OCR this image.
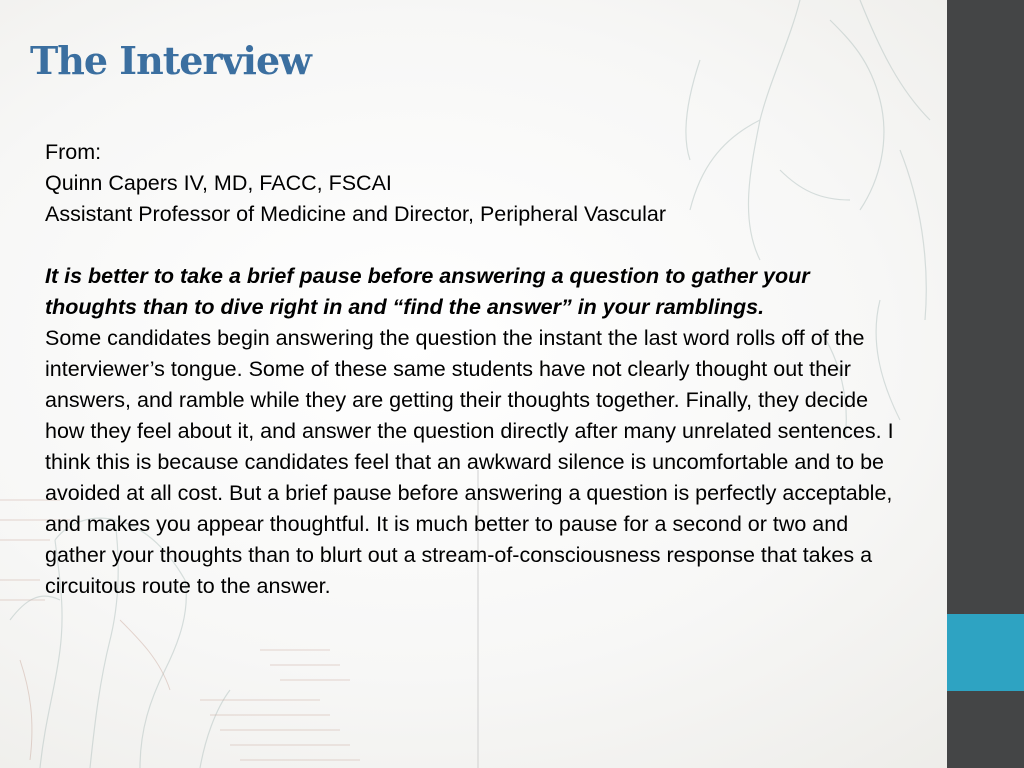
The Interview

From:

Quinn Capers IV, MD, FACC, FSCAI

Assistant Professor of Medicine and Director, Peripheral Vascular

It is better to take a brief pause before answering a question to gather your thoughts than to dive right in and “find the answer” in your ramblings.

Some candidates begin answering the question the instant the last word rolls off of the interviewer’s tongue. Some of these same students have not clearly thought out their answers, and ramble while they are getting their thoughts together. Finally, they decide how they feel about it, and answer the question directly after many unrelated sentences. I think this is because candidates feel that an awkward silence is uncomfortable and to be avoided at all cost. But a brief pause before answering a question is perfectly acceptable, and makes you appear thoughtful. It is much better to pause for a second or two and gather your thoughts than to blurt out a stream-of-consciousness response that takes a circuitous route to the answer.
